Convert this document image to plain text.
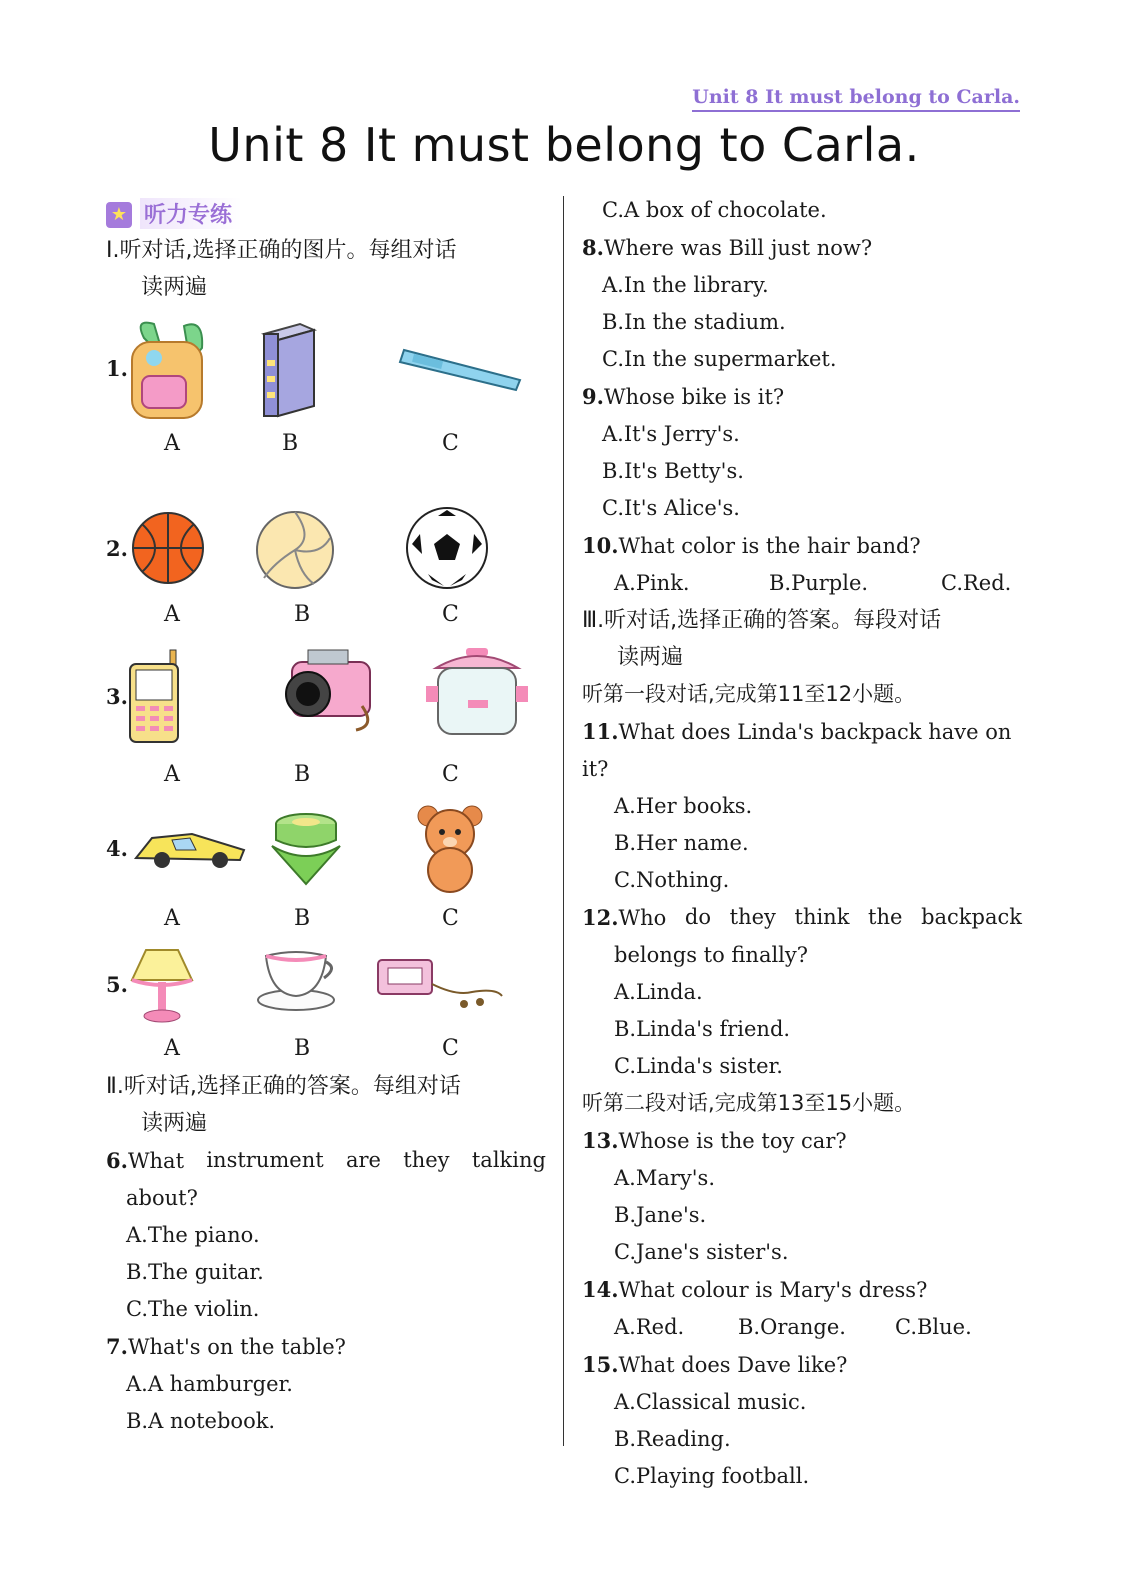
Unit 8 It must belong to Carla.
Unit 8 It must belong to Carla.
★ 听力专练
Ⅰ.听对话,选择正确的图片。每组对话
读两遍
1.
A	B	C
2.
A	B	C
3.
A	B	C
4.
A	B	C
5.
A	B	C
Ⅱ.听对话,选择正确的答案。每组对话
读两遍
6.What instrument are they talking
about?
A.The piano.
B.The guitar.
C.The violin.
7.What's on the table?
A.A hamburger.
B.A notebook.
C.A box of chocolate.
8.Where was Bill just now?
A.In the library.
B.In the stadium.
C.In the supermarket.
9.Whose bike is it?
A.It's Jerry's.
B.It's Betty's.
C.It's Alice's.
10.What color is the hair band?
A.Pink.	B.Purple.	C.Red.
Ⅲ.听对话,选择正确的答案。每段对话
读两遍
听第一段对话,完成第11至12小题。
11.What does Linda's backpack have on it?
A.Her books.
B.Her name.
C.Nothing.
12.Who do they think the backpack
belongs to finally?
A.Linda.
B.Linda's friend.
C.Linda's sister.
听第二段对话,完成第13至15小题。
13.Whose is the toy car?
A.Mary's.
B.Jane's.
C.Jane's sister's.
14.What colour is Mary's dress?
A.Red.	B.Orange.	C.Blue.
15.What does Dave like?
A.Classical music.
B.Reading.
C.Playing football.
